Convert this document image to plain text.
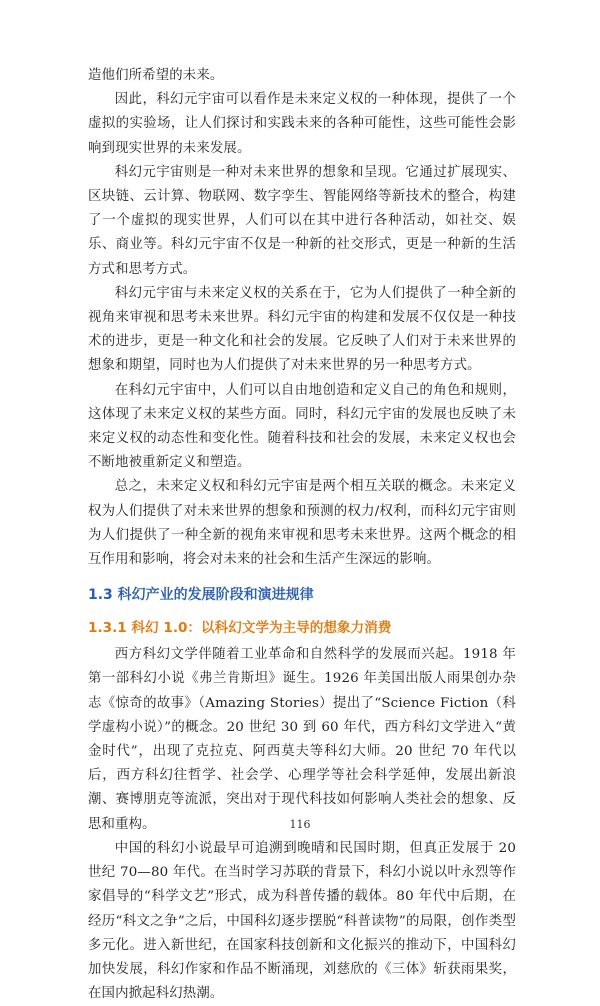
造他们所希望的未来。

因此，科幻元宇宙可以看作是未来定义权的一种体现，提供了一个虚拟的实验场，让人们探讨和实践未来的各种可能性，这些可能性会影响到现实世界的未来发展。

科幻元宇宙则是一种对未来世界的想象和呈现。它通过扩展现实、区块链、云计算、物联网、数字孪生、智能网络等新技术的整合，构建了一个虚拟的现实世界，人们可以在其中进行各种活动，如社交、娱乐、商业等。科幻元宇宙不仅是一种新的社交形式，更是一种新的生活方式和思考方式。

科幻元宇宙与未来定义权的关系在于，它为人们提供了一种全新的视角来审视和思考未来世界。科幻元宇宙的构建和发展不仅仅是一种技术的进步，更是一种文化和社会的发展。它反映了人们对于未来世界的想象和期望，同时也为人们提供了对未来世界的另一种思考方式。

在科幻元宇宙中，人们可以自由地创造和定义自己的角色和规则，这体现了未来定义权的某些方面。同时，科幻元宇宙的发展也反映了未来定义权的动态性和变化性。随着科技和社会的发展，未来定义权也会不断地被重新定义和塑造。

总之，未来定义权和科幻元宇宙是两个相互关联的概念。未来定义权为人们提供了对未来世界的想象和预测的权力/权利，而科幻元宇宙则为人们提供了一种全新的视角来审视和思考未来世界。这两个概念的相互作用和影响，将会对未来的社会和生活产生深远的影响。

1.3 科幻产业的发展阶段和演进规律
1.3.1 科幻 1.0：以科幻文学为主导的想象力消费

西方科幻文学伴随着工业革命和自然科学的发展而兴起。1918 年第一部科幻小说《弗兰肯斯坦》诞生。1926 年美国出版人雨果创办杂志《惊奇的故事》（Amazing Stories）提出了“Science Fiction（科学虚构小说）”的概念。20 世纪 30 到 60 年代，西方科幻文学进入“黄金时代”，出现了克拉克、阿西莫夫等科幻大师。20 世纪 70 年代以后，西方科幻往哲学、社会学、心理学等社会科学延伸，发展出新浪潮、赛博朋克等流派，突出对于现代科技如何影响人类社会的想象、反思和重构。

中国的科幻小说最早可追溯到晚晴和民国时期，但真正发展于 20 世纪 70—80 年代。在当时学习苏联的背景下，科幻小说以叶永烈等作家倡导的“科学文艺”形式，成为科普传播的载体。80 年代中后期，在经历“科文之争”之后，中国科幻逐步摆脱“科普读物”的局限，创作类型多元化。进入新世纪，在国家科技创新和文化振兴的推动下，中国科幻加快发展，科幻作家和作品不断涌现，刘慈欣的《三体》斩获雨果奖，在国内掀起科幻热潮。

116
